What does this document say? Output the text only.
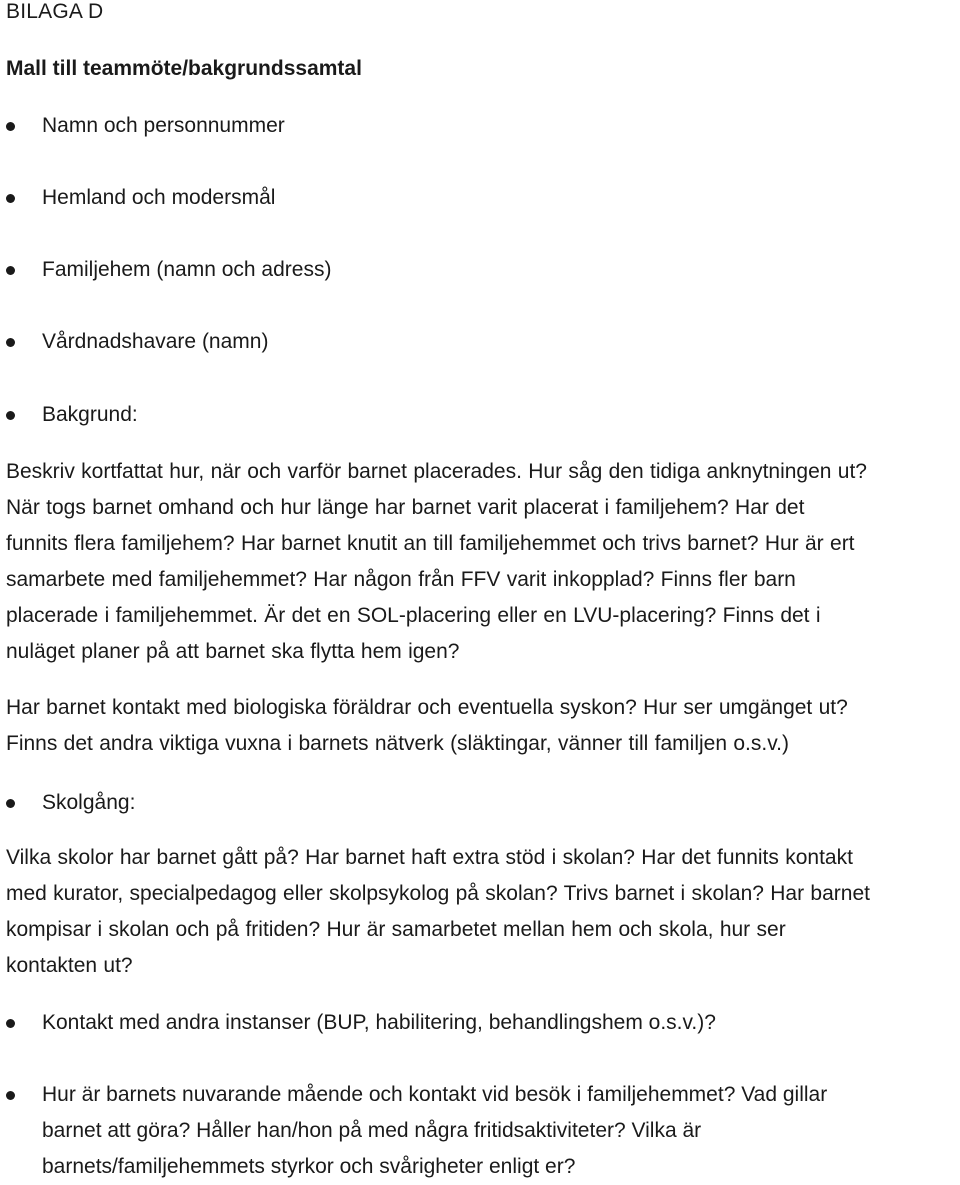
BILAGA D

Mall till teammöte/bakgrundssamtal

Namn och personnummer
Hemland och modersmål
Familjehem (namn och adress)
Vårdnadshavare (namn)
Bakgrund:
Beskriv kortfattat hur, när och varför barnet placerades. Hur såg den tidiga anknytningen ut?
När togs barnet omhand och hur länge har barnet varit placerat i familjehem? Har det
funnits flera familjehem? Har barnet knutit an till familjehemmet och trivs barnet? Hur är ert
samarbete med familjehemmet? Har någon från FFV varit inkopplad? Finns fler barn
placerade i familjehemmet. Är det en SOL-placering eller en LVU-placering? Finns det i
nuläget planer på att barnet ska flytta hem igen?
Har barnet kontakt med biologiska föräldrar och eventuella syskon? Hur ser umgänget ut?
Finns det andra viktiga vuxna i barnets nätverk (släktingar, vänner till familjen o.s.v.)
Skolgång:
Vilka skolor har barnet gått på? Har barnet haft extra stöd i skolan? Har det funnits kontakt
med kurator, specialpedagog eller skolpsykolog på skolan? Trivs barnet i skolan? Har barnet
kompisar i skolan och på fritiden? Hur är samarbetet mellan hem och skola, hur ser
kontakten ut?
Kontakt med andra instanser (BUP, habilitering, behandlingshem o.s.v.)?
Hur är barnets nuvarande mående och kontakt vid besök i familjehemmet? Vad gillar
barnet att göra? Håller han/hon på med några fritidsaktiviteter? Vilka är
barnets/familjehemmets styrkor och svårigheter enligt er?
